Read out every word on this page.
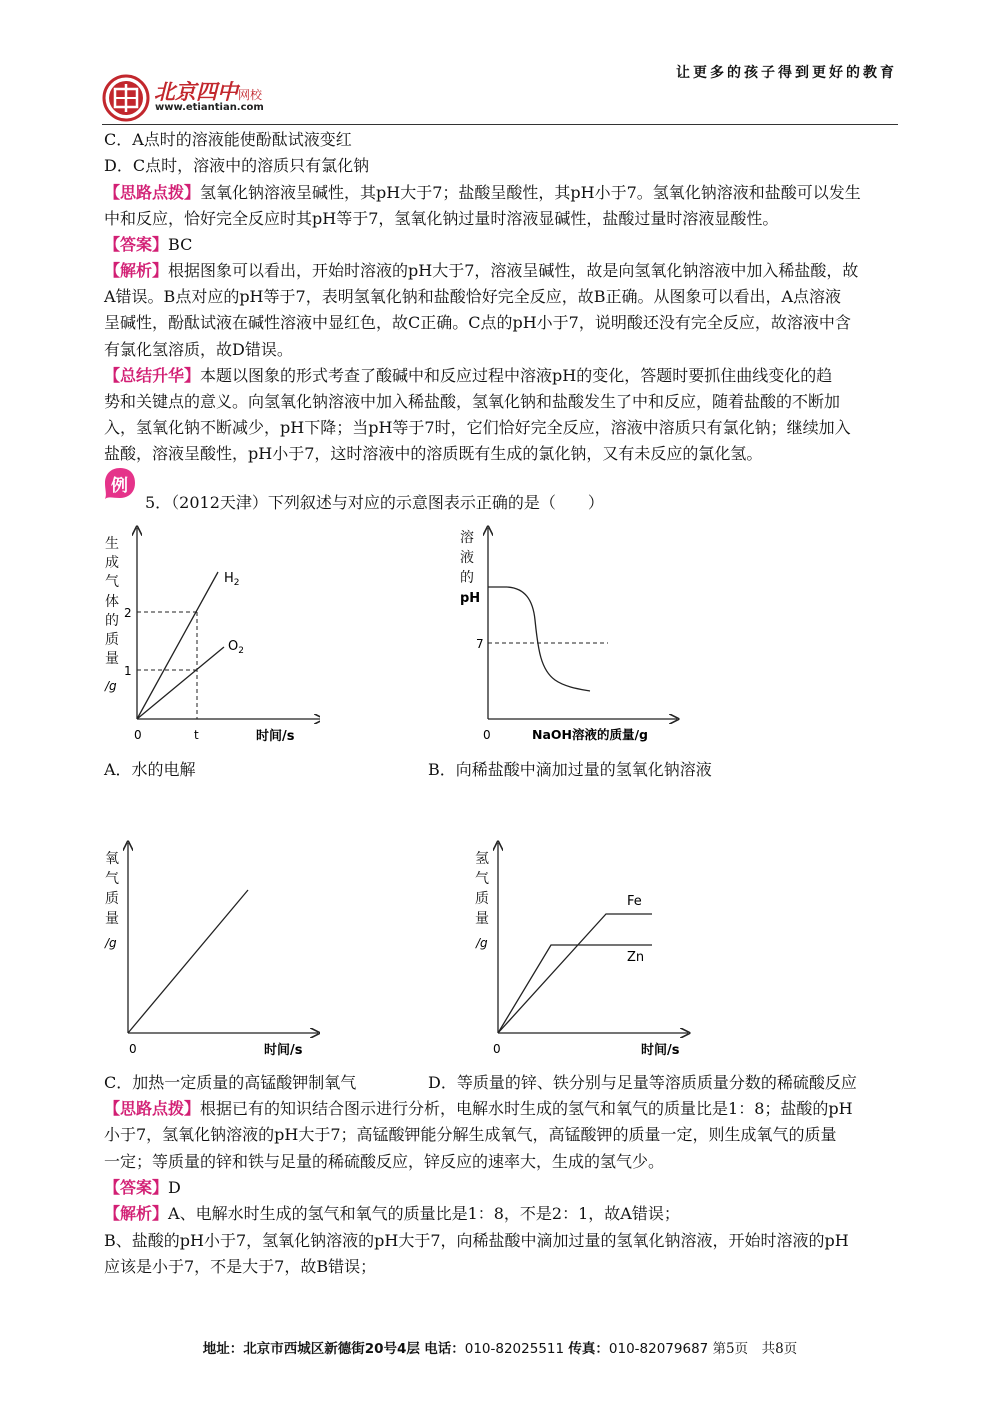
让更多的孩子得到更好的教育
北京四中网校
www.etiantian.com
C．A点时的溶液能使酚酞试液变红
D．C点时，溶液中的溶质只有氯化钠
【思路点拨】氢氧化钠溶液呈碱性，其pH大于7；盐酸呈酸性，其pH小于7。氢氧化钠溶液和盐酸可以发生
中和反应，恰好完全反应时其pH等于7，氢氧化钠过量时溶液显碱性，盐酸过量时溶液显酸性。
【答案】BC
【解析】根据图象可以看出，开始时溶液的pH大于7，溶液呈碱性，故是向氢氧化钠溶液中加入稀盐酸，故
A错误。B点对应的pH等于7，表明氢氧化钠和盐酸恰好完全反应，故B正确。从图象可以看出，A点溶液
呈碱性，酚酞试液在碱性溶液中显红色，故C正确。C点的pH小于7，说明酸还没有完全反应，故溶液中含
有氯化氢溶质，故D错误。
【总结升华】本题以图象的形式考查了酸碱中和反应过程中溶液pH的变化，答题时要抓住曲线变化的趋
势和关键点的意义。向氢氧化钠溶液中加入稀盐酸，氢氧化钠和盐酸发生了中和反应，随着盐酸的不断加
入，氢氧化钠不断减少，pH下降；当pH等于7时，它们恰好完全反应，溶液中溶质只有氯化钠；继续加入
盐酸，溶液呈酸性，pH小于7，这时溶液中的溶质既有生成的氯化钠，又有未反应的氯化氢。
例
5．（2012天津）下列叙述与对应的示意图表示正确的是（　　）
生
成
气
体
的
质
量
/g
2
1
0	t	时间/s
$H_2$
$O_2$
A．水的电解
溶
液
的
pH
7
0	NaOH溶液的质量/g
B．向稀盐酸中滴加过量的氢氧化钠溶液
氧
气
质
量
/g
0	时间/s
C．加热一定质量的高锰酸钾制氧气
氢
气
质
量
/g
Fe
Zn
0	时间/s
D．等质量的锌、铁分别与足量等溶质质量分数的稀硫酸反应
【思路点拨】根据已有的知识结合图示进行分析，电解水时生成的氢气和氧气的质量比是1：8；盐酸的pH
小于7，氢氧化钠溶液的pH大于7；高锰酸钾能分解生成氧气，高锰酸钾的质量一定，则生成氧气的质量
一定；等质量的锌和铁与足量的稀硫酸反应，锌反应的速率大，生成的氢气少。
【答案】D
【解析】A、电解水时生成的氢气和氧气的质量比是1：8，不是2：1，故A错误；
B、盐酸的pH小于7，氢氧化钠溶液的pH大于7，向稀盐酸中滴加过量的氢氧化钠溶液，开始时溶液的pH
应该是小于7，不是大于7，故B错误；
地址：北京市西城区新德街20号4层 电话：010-82025511 传真：010-82079687 第5页　共8页
